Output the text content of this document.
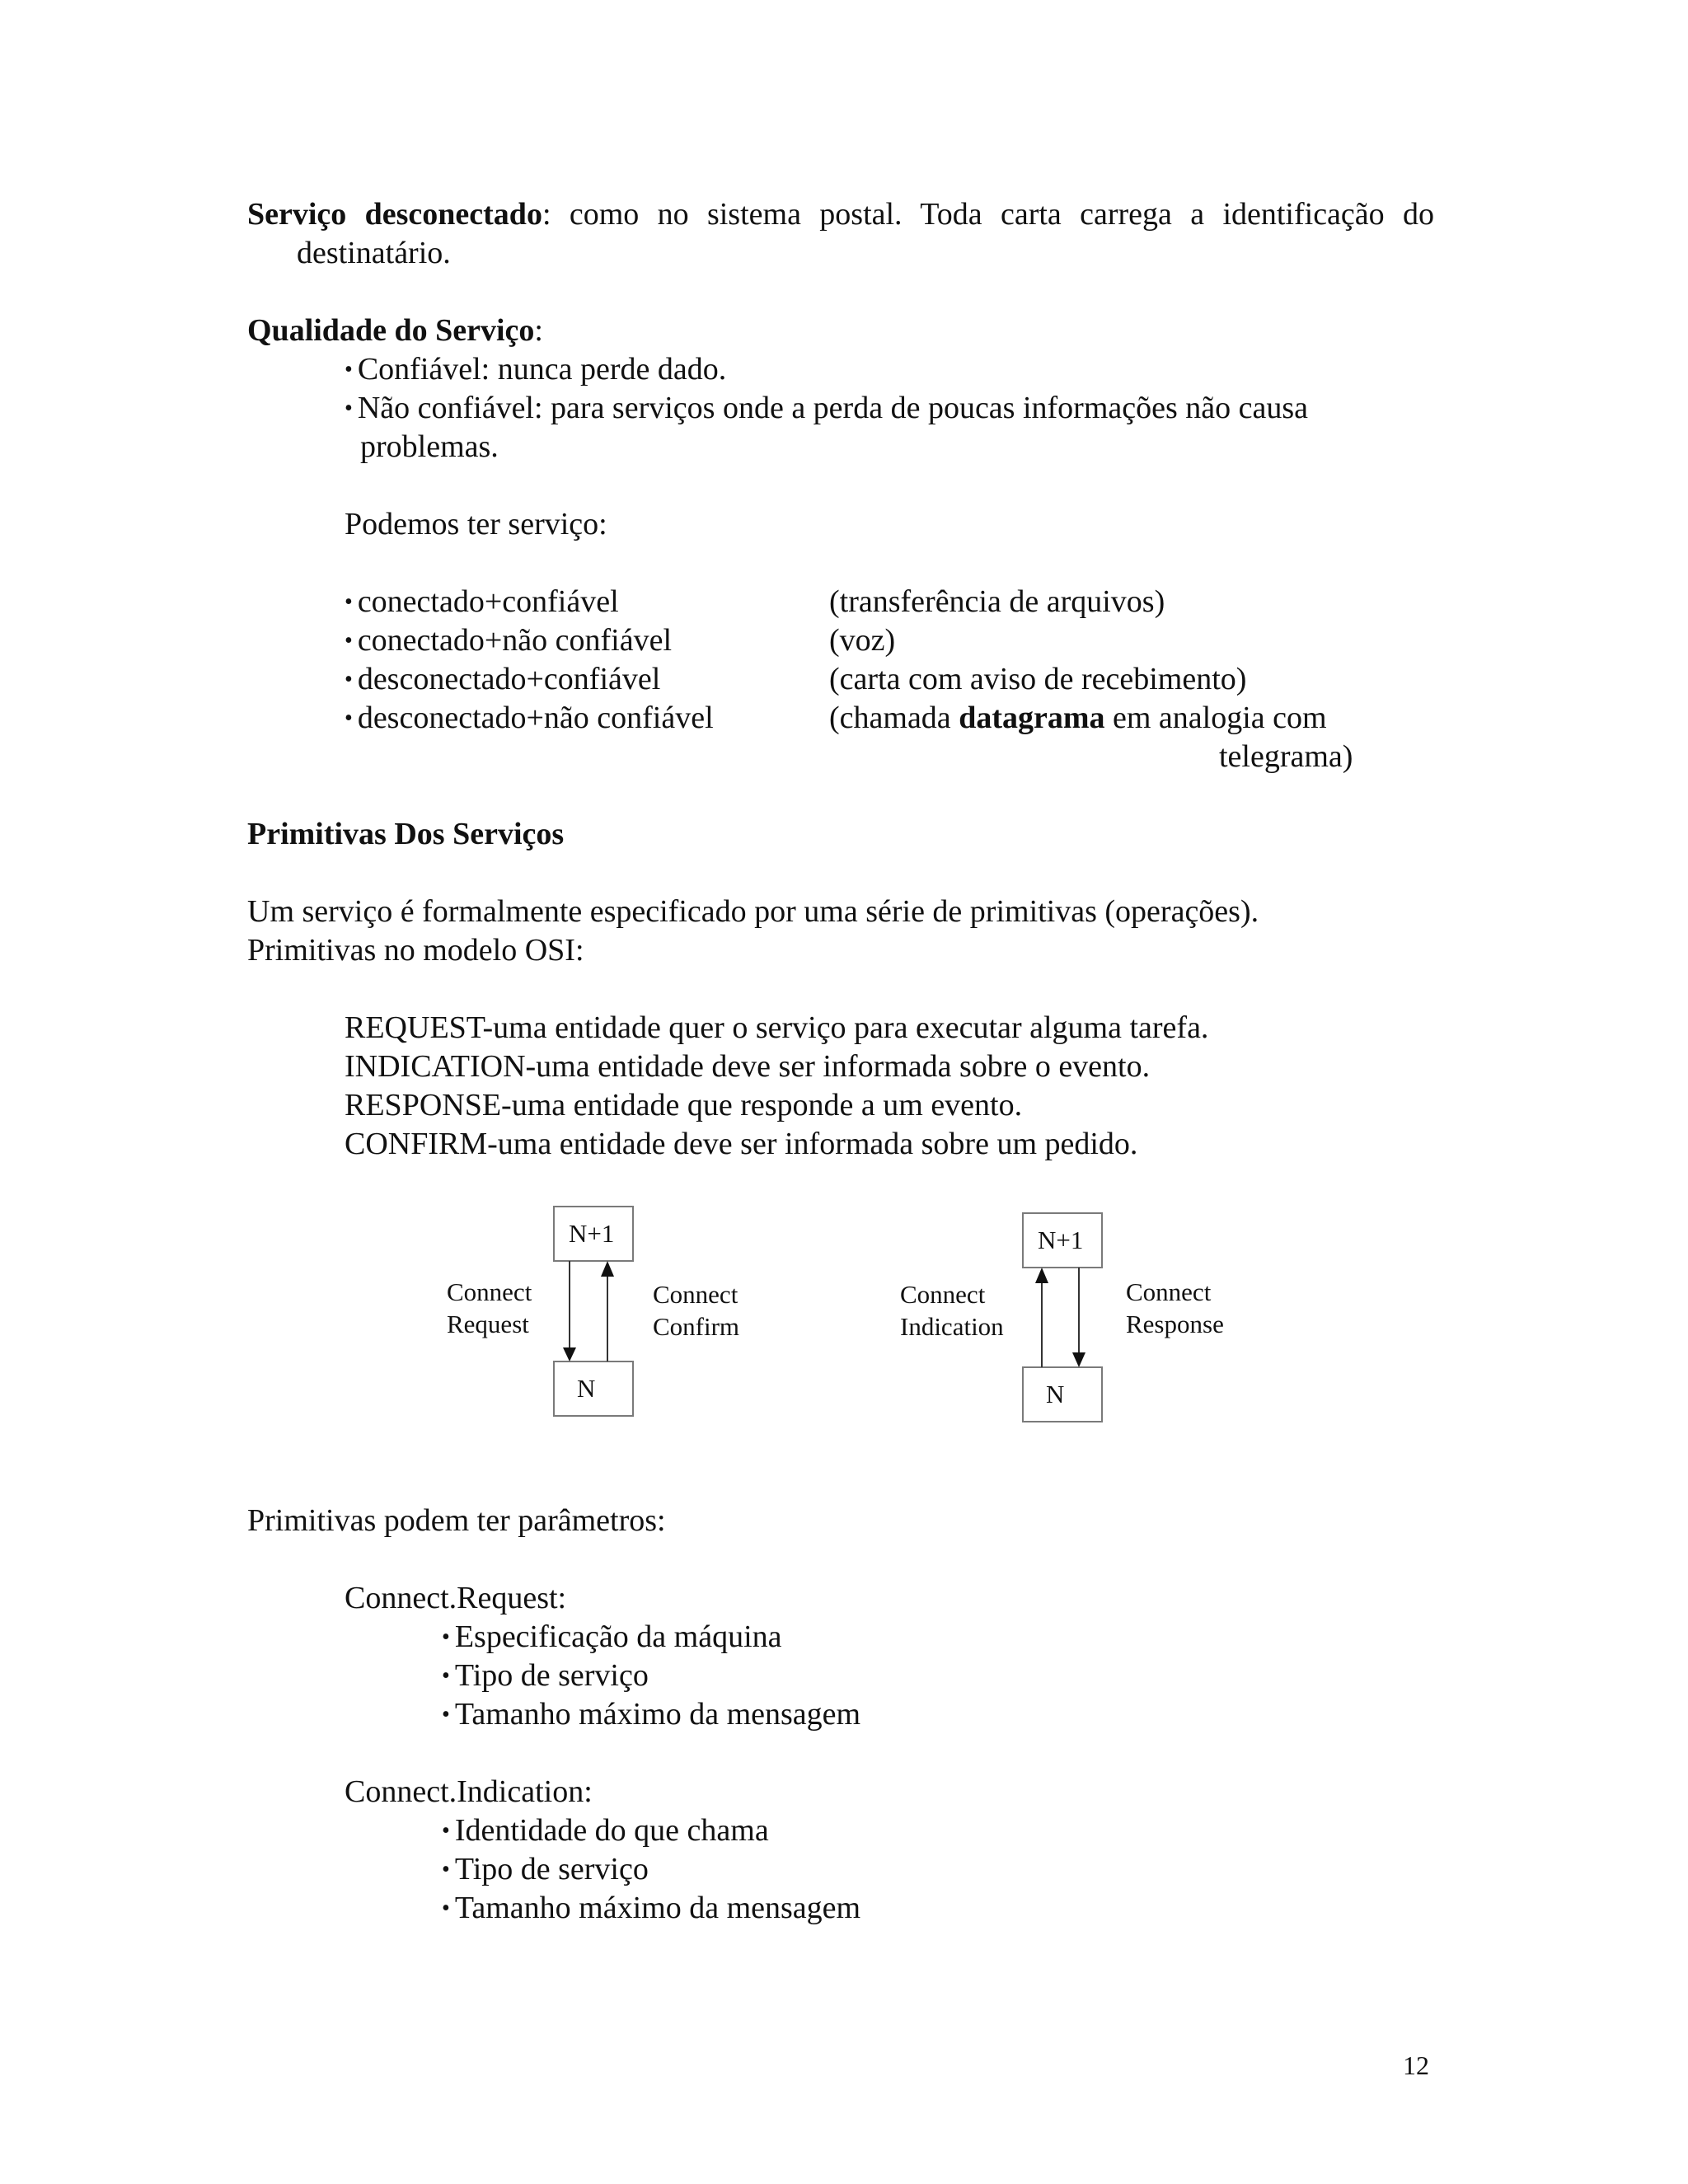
Serviço desconectado: como no sistema postal. Toda carta carrega a identificação do
destinatário.
Qualidade do Serviço:
• Confiável: nunca perde dado.
• Não confiável: para serviços onde a perda de poucas informações não causa
problemas.
Podemos ter serviço:
• conectado+confiável	(transferência de arquivos)
• conectado+não confiável	(voz)
• desconectado+confiável	(carta com aviso de recebimento)
• desconectado+não confiável	(chamada datagrama em analogia com
telegrama)
Primitivas Dos Serviços
Um serviço é formalmente especificado por uma série de primitivas (operações).
Primitivas no modelo OSI:
REQUEST-uma entidade quer o serviço para executar alguma tarefa.
INDICATION-uma entidade deve ser informada sobre o evento.
RESPONSE-uma entidade que responde a um evento.
CONFIRM-uma entidade deve ser informada sobre um pedido.
N+1
N
Connect
Request
Connect
Confirm
N+1
N
Connect
Indication
Connect
Response
Primitivas podem ter parâmetros:
Connect.Request:
• Especificação da máquina
• Tipo de serviço
• Tamanho máximo da mensagem
Connect.Indication:
• Identidade do que chama
• Tipo de serviço
• Tamanho máximo da mensagem
12
